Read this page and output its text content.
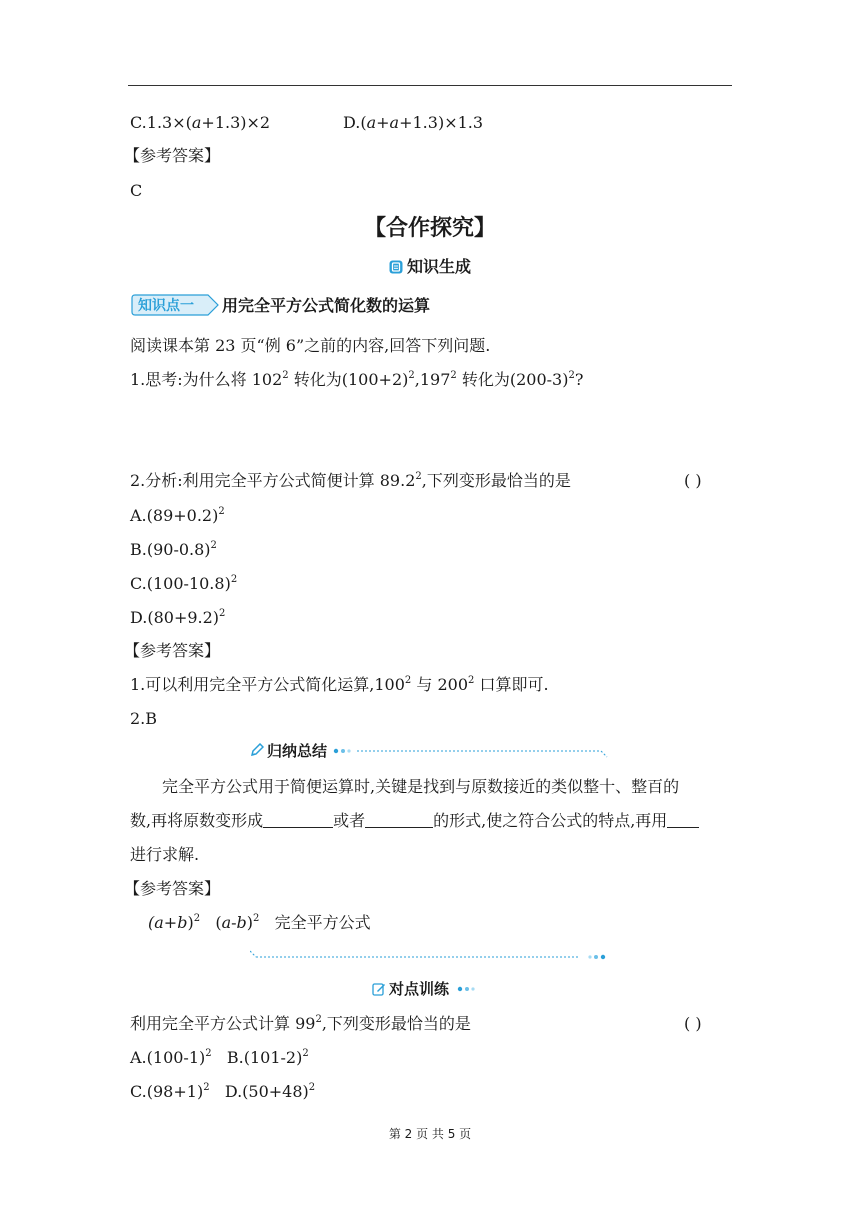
C.1.3×(a+1.3)×2	D.(a+a+1.3)×1.3
【参考答案】
C
【合作探究】
知识生成
知识点一 用完全平方公式简化数的运算
阅读课本第 23 页“例 6”之前的内容,回答下列问题.
1.思考:为什么将 $102^2$ 转化为$(100+2)^2,197^2$ 转化为$(200-3)^2$?
2.分析:利用完全平方公式简便计算 89.2$^2$,下列变形最恰当的是	( )
$A.(89+0.2)^2$
$B.(90-0.8)^2$
$C.(100-10.8)^2$
$D.(80+9.2)^2$
【参考答案】
1.可以利用完全平方公式简化运算,100$^2$ 与 $200^2$ 口算即可.
2.B
归纳总结
完全平方公式用于简便运算时,关键是找到与原数接近的类似整十、整百的
数,再将原数变形成	或者	的形式,使之符合公式的特点,再用
进行求解.
【参考答案】
$(a+b)^2$   $(a-b)^2$ 完全平方公式
对点训练
利用完全平方公式计算 $99^2$,下列变形最恰当的是	( )
$A.(100-1)^2$ $B.(101-2)^2$
$C.(98+1)^2$ $D.(50+48)^2$
第 2 页 共 5 页
